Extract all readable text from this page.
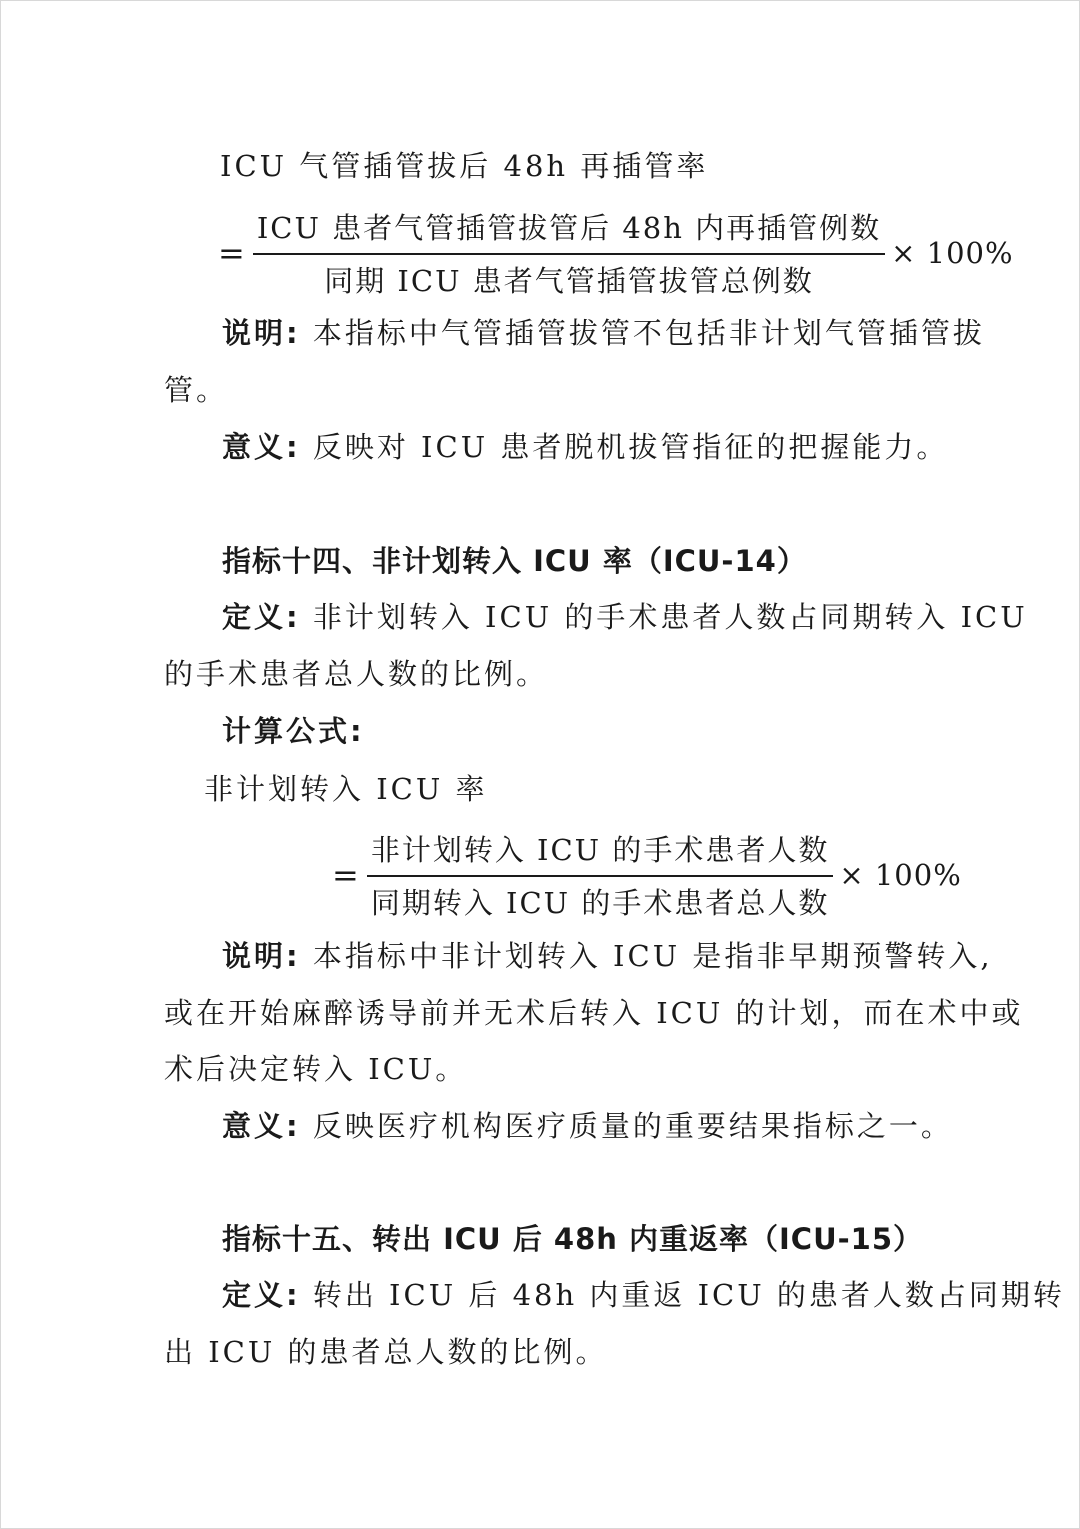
ICU 气管插管拔后 48h 再插管率
= $\frac{\text{ICU 患者气管插管拔管后 48h 内再插管例数}}{\text{同期 ICU 患者气管插管拔管总例数}} \times 100\%$
说明: 本指标中气管插管拔管不包括非计划气管插管拔
管。
意义: 反映对 ICU 患者脱机拔管指征的把握能力。
指标十四、非计划转入 ICU 率（ICU-14）
定义: 非计划转入 ICU 的手术患者人数占同期转入 ICU
的手术患者总人数的比例。
计算公式:
非计划转入 ICU 率
= $\frac{\text{非计划转入 ICU 的手术患者人数}}{\text{同期转入 ICU 的手术患者总人数}} \times 100\%$
说明: 本指标中非计划转入 ICU 是指非早期预警转入,
或在开始麻醉诱导前并无术后转入 ICU 的计划，而在术中或
术后决定转入 ICU。
意义: 反映医疗机构医疗质量的重要结果指标之一。
指标十五、转出 ICU 后 48h 内重返率（ICU-15）
定义: 转出 ICU 后 48h 内重返 ICU 的患者人数占同期转
出 ICU 的患者总人数的比例。
